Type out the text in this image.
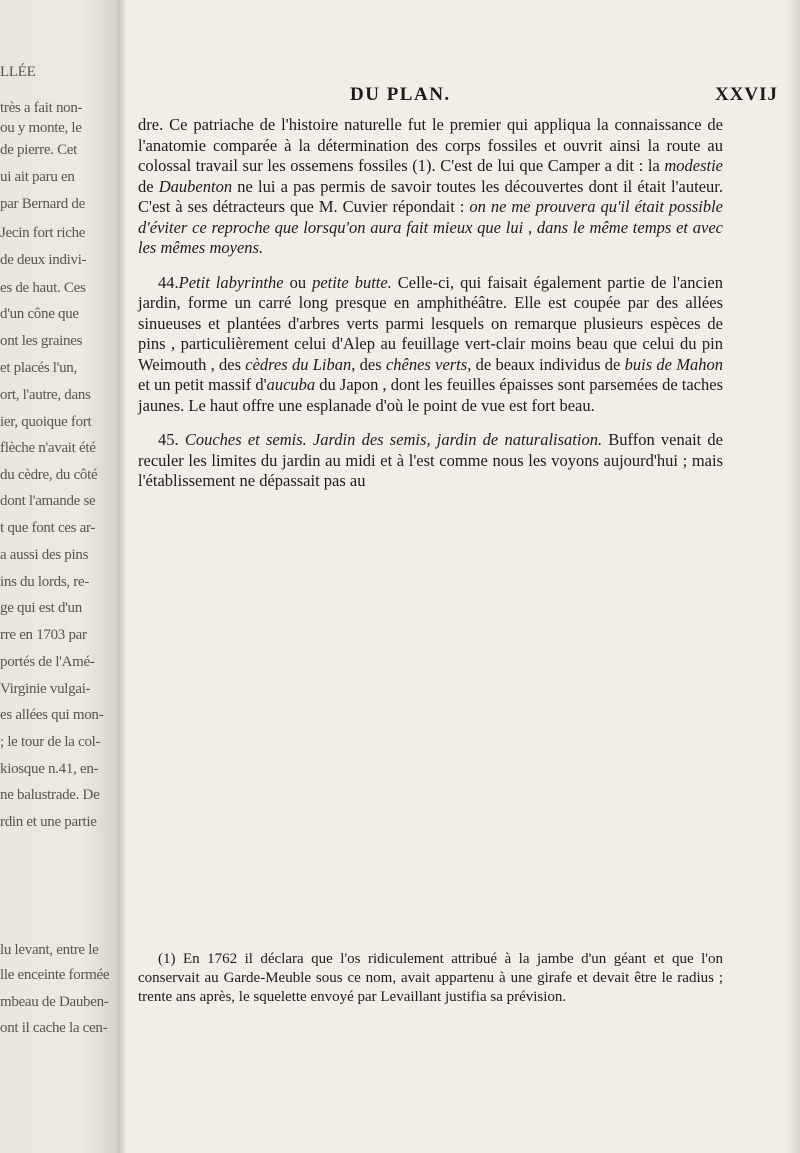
LLÉE
très a fait non-
ou y monte, le
de pierre. Cet
ui ait paru en
par Bernard de
Jecin fort riche
de deux indivi-
es de haut. Ces
d'un cône que
ont les graines
et placés l'un,
ort, l'autre, dans
ier, quoique fort
flèche n'avait été
du cèdre, du côté
dont l'amande se
t que font ces ar-
a aussi des pins
ins du lords, re-
ge qui est d'un
rre en 1703 par
portés de l'Amé-
Virginie vulgai-
es allées qui mon-
; le tour de la col-
kiosque n.41, en-
ne balustrade. De
rdin et une partie
lu levant, entre le
lle enceinte formée
mbeau de Dauben-
ont il cache la cen-
DU PLAN.	XXVIJ

dre. Ce patriache de l'histoire naturelle fut le premier qui appliqua la connaissance de l'anatomie comparée à la détermination des corps fossiles et ouvrit ainsi la route au colossal travail sur les ossemens fossiles (1). C'est de lui que Camper a dit : la modestie de Daubenton ne lui a pas permis de savoir toutes les découvertes dont il était l'auteur. C'est à ses détracteurs que M. Cuvier répondait : on ne me prouvera qu'il était possible d'éviter ce reproche que lorsqu'on aura fait mieux que lui , dans le même temps et avec les mêmes moyens.

44.Petit labyrinthe ou petite butte. Celle-ci, qui faisait également partie de l'ancien jardin, forme un carré long presque en amphithéâtre. Elle est coupée par des allées sinueuses et plantées d'arbres verts parmi lesquels on remarque plusieurs espèces de pins , particulièrement celui d'Alep au feuillage vert-clair moins beau que celui du pin Weimouth , des cèdres du Liban, des chênes verts, de beaux individus de buis de Mahon et un petit massif d'aucuba du Japon , dont les feuilles épaisses sont parsemées de taches jaunes. Le haut offre une esplanade d'où le point de vue est fort beau.

45. Couches et semis. Jardin des semis, jardin de naturalisation. Buffon venait de reculer les limites du jardin au midi et à l'est comme nous les voyons aujourd'hui ; mais l'établissement ne dépassait pas au

(1) En 1762 il déclara que l'os ridiculement attribué à la jambe d'un géant et que l'on conservait au Garde-Meuble sous ce nom, avait appartenu à une girafe et devait être le radius ; trente ans après, le squelette envoyé par Levaillant justifia sa prévision.
